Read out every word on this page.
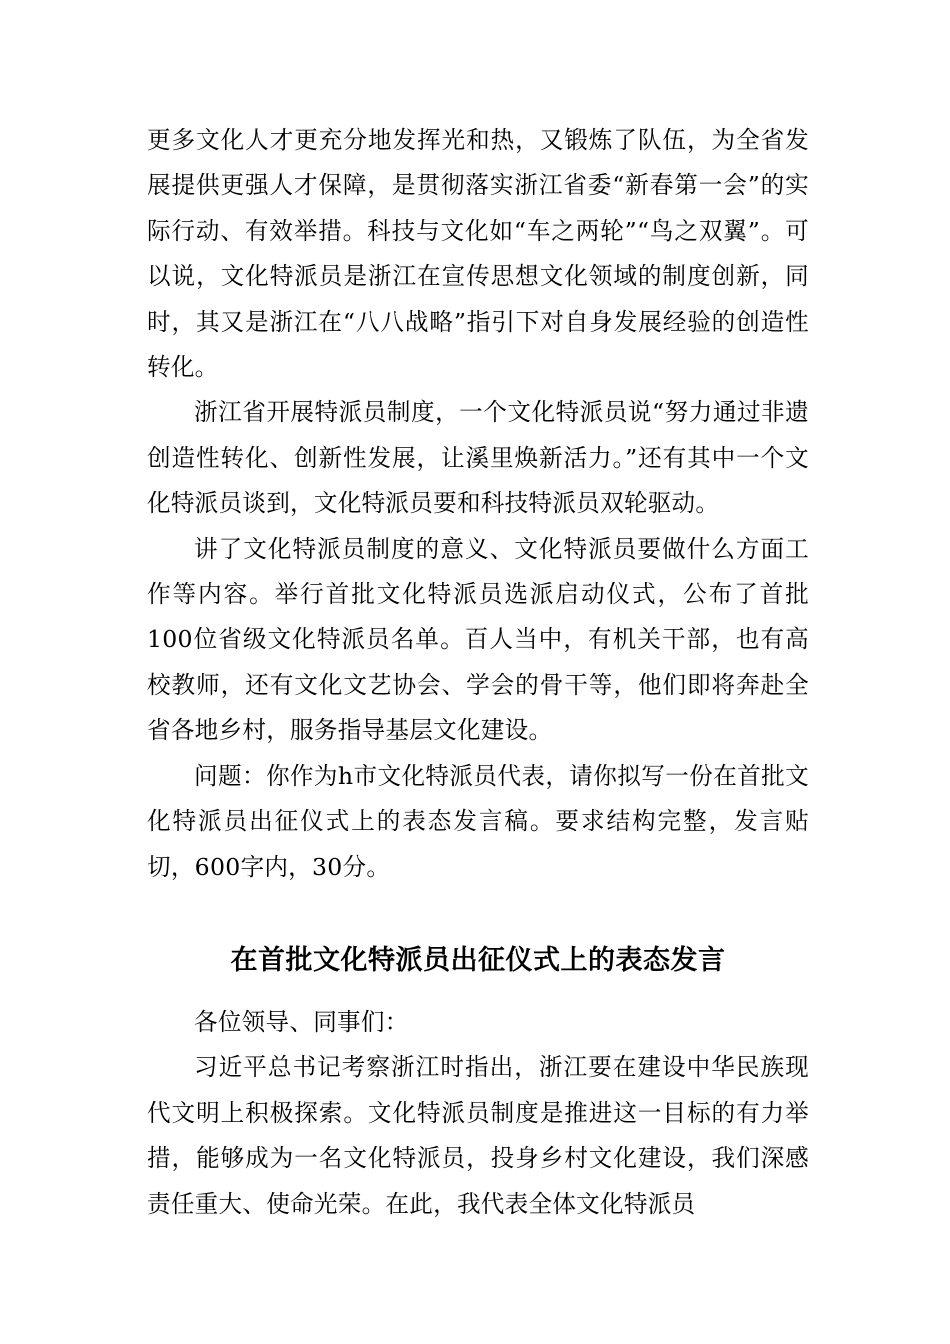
更多文化人才更充分地发挥光和热，又锻炼了队伍，为全省发展提供更强人才保障，是贯彻落实浙江省委“新春第一会”的实际行动、有效举措。科技与文化如“车之两轮”“鸟之双翼”。可以说，文化特派员是浙江在宣传思想文化领域的制度创新，同时，其又是浙江在“八八战略”指引下对自身发展经验的创造性转化。

浙江省开展特派员制度，一个文化特派员说“努力通过非遗创造性转化、创新性发展，让溪里焕新活力。”还有其中一个文化特派员谈到，文化特派员要和科技特派员双轮驱动。

讲了文化特派员制度的意义、文化特派员要做什么方面工作等内容。举行首批文化特派员选派启动仪式，公布了首批100位省级文化特派员名单。百人当中，有机关干部，也有高校教师，还有文化文艺协会、学会的骨干等，他们即将奔赴全省各地乡村，服务指导基层文化建设。

问题：你作为h市文化特派员代表，请你拟写一份在首批文化特派员出征仪式上的表态发言稿。要求结构完整，发言贴切，600字内，30分。

在首批文化特派员出征仪式上的表态发言

各位领导、同事们：

习近平总书记考察浙江时指出，浙江要在建设中华民族现代文明上积极探索。文化特派员制度是推进这一目标的有力举措，能够成为一名文化特派员，投身乡村文化建设，我们深感责任重大、使命光荣。在此，我代表全体文化特派员
